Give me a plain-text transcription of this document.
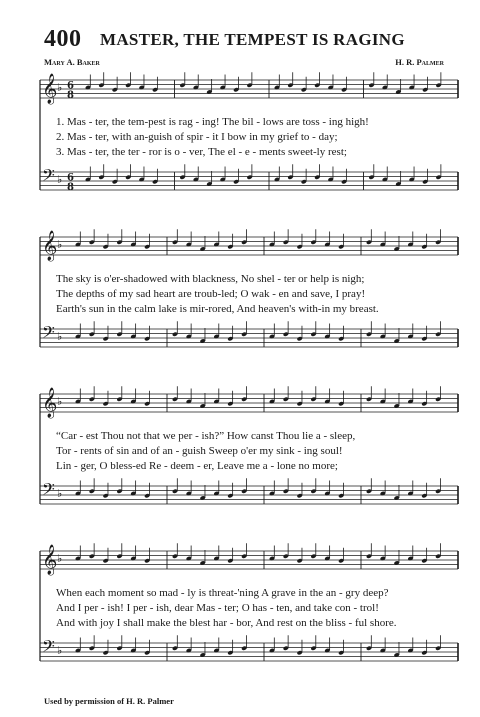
400 MASTER, THE TEMPEST IS RAGING
Mary A. Baker	H. R. Palmer
𝄞 ♭ 6
8
𝄢 ♭ 6
8
1. Mas - ter, the tem-pest is rag - ing! The bil - lows are toss - ing high!
2. Mas - ter, with an-guish of spir - it I bow in my grief to - day;
3. Mas - ter, the ter - ror is o - ver, The el - e - ments sweet-ly rest;
𝄞 ♭
𝄢 ♭
The sky is o'er-shadowed with blackness, No shel - ter or help is nigh;
The depths of my sad heart are troub-led; O wak - en and save, I pray!
Earth's sun in the calm lake is mir-rored, And heaven's with-in my breast.
𝄞 ♭
𝄢 ♭
“Car - est Thou not that we per - ish?” How canst Thou lie a - sleep,
Tor - rents of sin and of an - guish Sweep o'er my sink - ing soul!
Lin - ger, O bless-ed Re - deem - er, Leave me a - lone no more;
𝄞 ♭
𝄢 ♭
When each moment so mad - ly is threat-'ning A grave in the an - gry deep?
And I per - ish! I per - ish, dear Mas - ter; O has - ten, and take con - trol!
And with joy I shall make the blest har - bor, And rest on the bliss - ful shore.
Used by permission of H. R. Palmer
